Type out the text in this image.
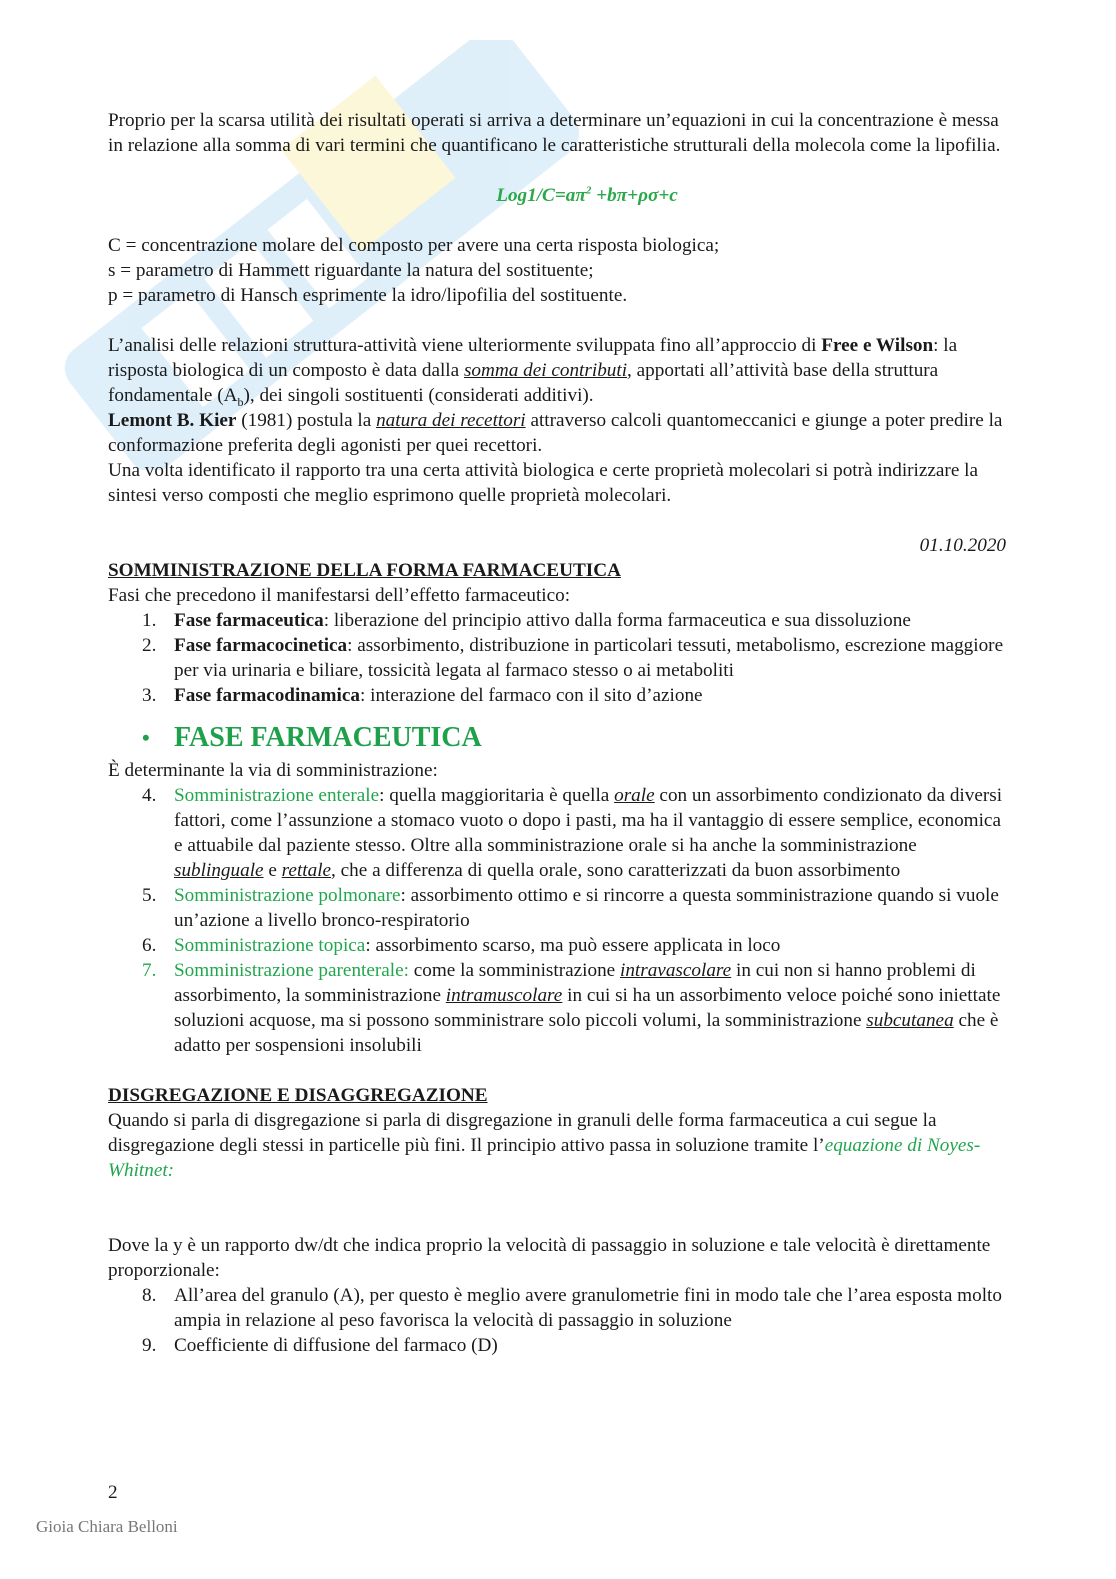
Proprio per la scarsa utilità dei risultati operati si arriva a determinare un’equazioni in cui la concentrazione è messa in relazione alla somma di vari termini che quantificano le caratteristiche strutturali della molecola come la lipofilia.

$Log1/C=a\pi^2 +b\pi+\rho\sigma+c$

C = concentrazione molare del composto per avere una certa risposta biologica;

s = parametro di Hammett riguardante la natura del sostituente;

p = parametro di Hansch esprimente la idro/lipofilia del sostituente.

L’analisi delle relazioni struttura-attività viene ulteriormente sviluppata fino all’approccio di Free e Wilson: la risposta biologica di un composto è data dalla somma dei contributi, apportati all’attività base della struttura fondamentale $(A_b)$, dei singoli sostituenti (considerati additivi).

Lemont B. Kier (1981) postula la natura dei recettori attraverso calcoli quantomeccanici e giunge a poter predire la conformazione preferita degli agonisti per quei recettori.

Una volta identificato il rapporto tra una certa attività biologica e certe proprietà molecolari si potrà indirizzare la sintesi verso composti che meglio esprimono quelle proprietà molecolari.

01.10.2020

SOMMINISTRAZIONE DELLA FORMA FARMACEUTICA

Fasi che precedono il manifestarsi dell’effetto farmaceutico:

1. Fase farmaceutica: liberazione del principio attivo dalla forma farmaceutica e sua dissoluzione
2. Fase farmacocinetica: assorbimento, distribuzione in particolari tessuti, metabolismo, escrezione maggiore per via urinaria e biliare, tossicità legata al farmaco stesso o ai metaboliti
3. Fase farmacodinamica: interazione del farmaco con il sito d’azione
• FASE FARMACEUTICA

È determinante la via di somministrazione:

4. Somministrazione enterale: quella maggioritaria è quella orale con un assorbimento condizionato da diversi fattori, come l’assunzione a stomaco vuoto o dopo i pasti, ma ha il vantaggio di essere semplice, economica e attuabile dal paziente stesso. Oltre alla somministrazione orale si ha anche la somministrazione sublinguale e rettale, che a differenza di quella orale, sono caratterizzati da buon assorbimento
5. Somministrazione polmonare: assorbimento ottimo e si rincorre a questa somministrazione quando si vuole un’azione a livello bronco-respiratorio
6. Somministrazione topica: assorbimento scarso, ma può essere applicata in loco
7. Somministrazione parenterale: come la somministrazione intravascolare in cui non si hanno problemi di assorbimento, la somministrazione intramuscolare in cui si ha un assorbimento veloce poiché sono iniettate soluzioni acquose, ma si possono somministrare solo piccoli volumi, la somministrazione subcutanea che è adatto per sospensioni insolubili

DISGREGAZIONE E DISAGGREGAZIONE

Quando si parla di disgregazione si parla di disgregazione in granuli delle forma farmaceutica a cui segue la disgregazione degli stessi in particelle più fini. Il principio attivo passa in soluzione tramite l’equazione di Noyes-Whitnet:

Dove la y è un rapporto dw/dt che indica proprio la velocità di passaggio in soluzione e tale velocità è direttamente proporzionale:

8. All’area del granulo (A), per questo è meglio avere granulometrie fini in modo tale che l’area esposta molto ampia in relazione al peso favorisca la velocità di passaggio in soluzione
9. Coefficiente di diffusione del farmaco (D)
2
Gioia Chiara Belloni
